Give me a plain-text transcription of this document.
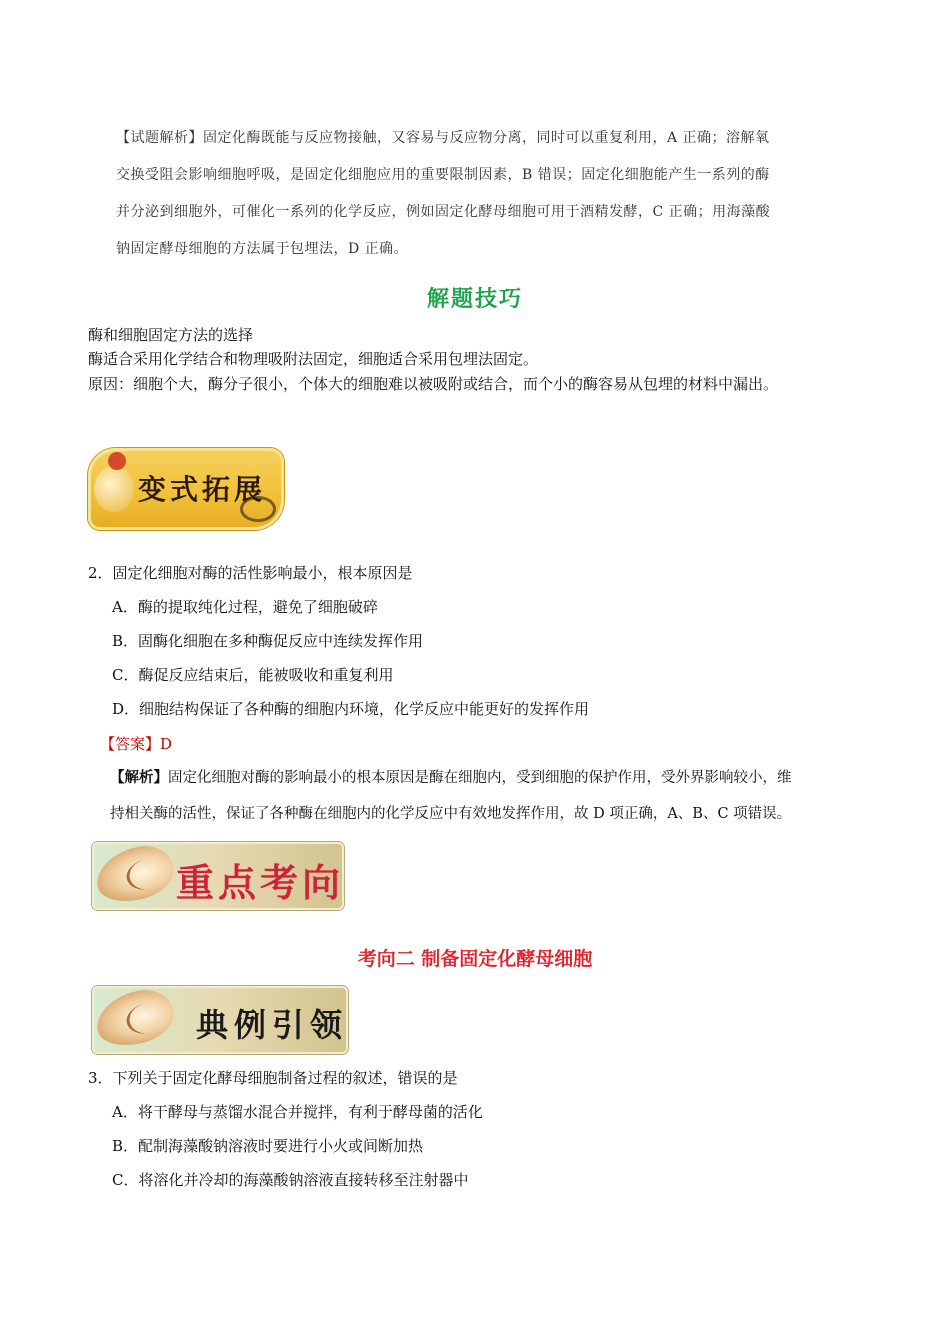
【试题解析】固定化酶既能与反应物接触，又容易与反应物分离，同时可以重复利用，A 正确；溶解氧
交换受阻会影响细胞呼吸，是固定化细胞应用的重要限制因素，B 错误；固定化细胞能产生一系列的酶
并分泌到细胞外，可催化一系列的化学反应，例如固定化酵母细胞可用于酒精发酵，C 正确；用海藻酸
钠固定酵母细胞的方法属于包埋法，D 正确。
解题技巧
酶和细胞固定方法的选择
酶适合采用化学结合和物理吸附法固定，细胞适合采用包埋法固定。
原因：细胞个大，酶分子很小，个体大的细胞难以被吸附或结合，而个小的酶容易从包埋的材料中漏出。
变式拓展
2．固定化细胞对酶的活性影响最小，根本原因是
A．酶的提取纯化过程，避免了细胞破碎
B．固酶化细胞在多种酶促反应中连续发挥作用
C．酶促反应结束后，能被吸收和重复利用
D．细胞结构保证了各种酶的细胞内环境，化学反应中能更好的发挥作用
【答案】D
【解析】固定化细胞对酶的影响最小的根本原因是酶在细胞内，受到细胞的保护作用，受外界影响较小，维
持相关酶的活性，保证了各种酶在细胞内的化学反应中有效地发挥作用，故 D 项正确，A、B、C 项错误。
重点考向
考向二 制备固定化酵母细胞
典例引领
3．下列关于固定化酵母细胞制备过程的叙述，错误的是
A．将干酵母与蒸馏水混合并搅拌，有利于酵母菌的活化
B．配制海藻酸钠溶液时要进行小火或间断加热
C．将溶化并冷却的海藻酸钠溶液直接转移至注射器中
